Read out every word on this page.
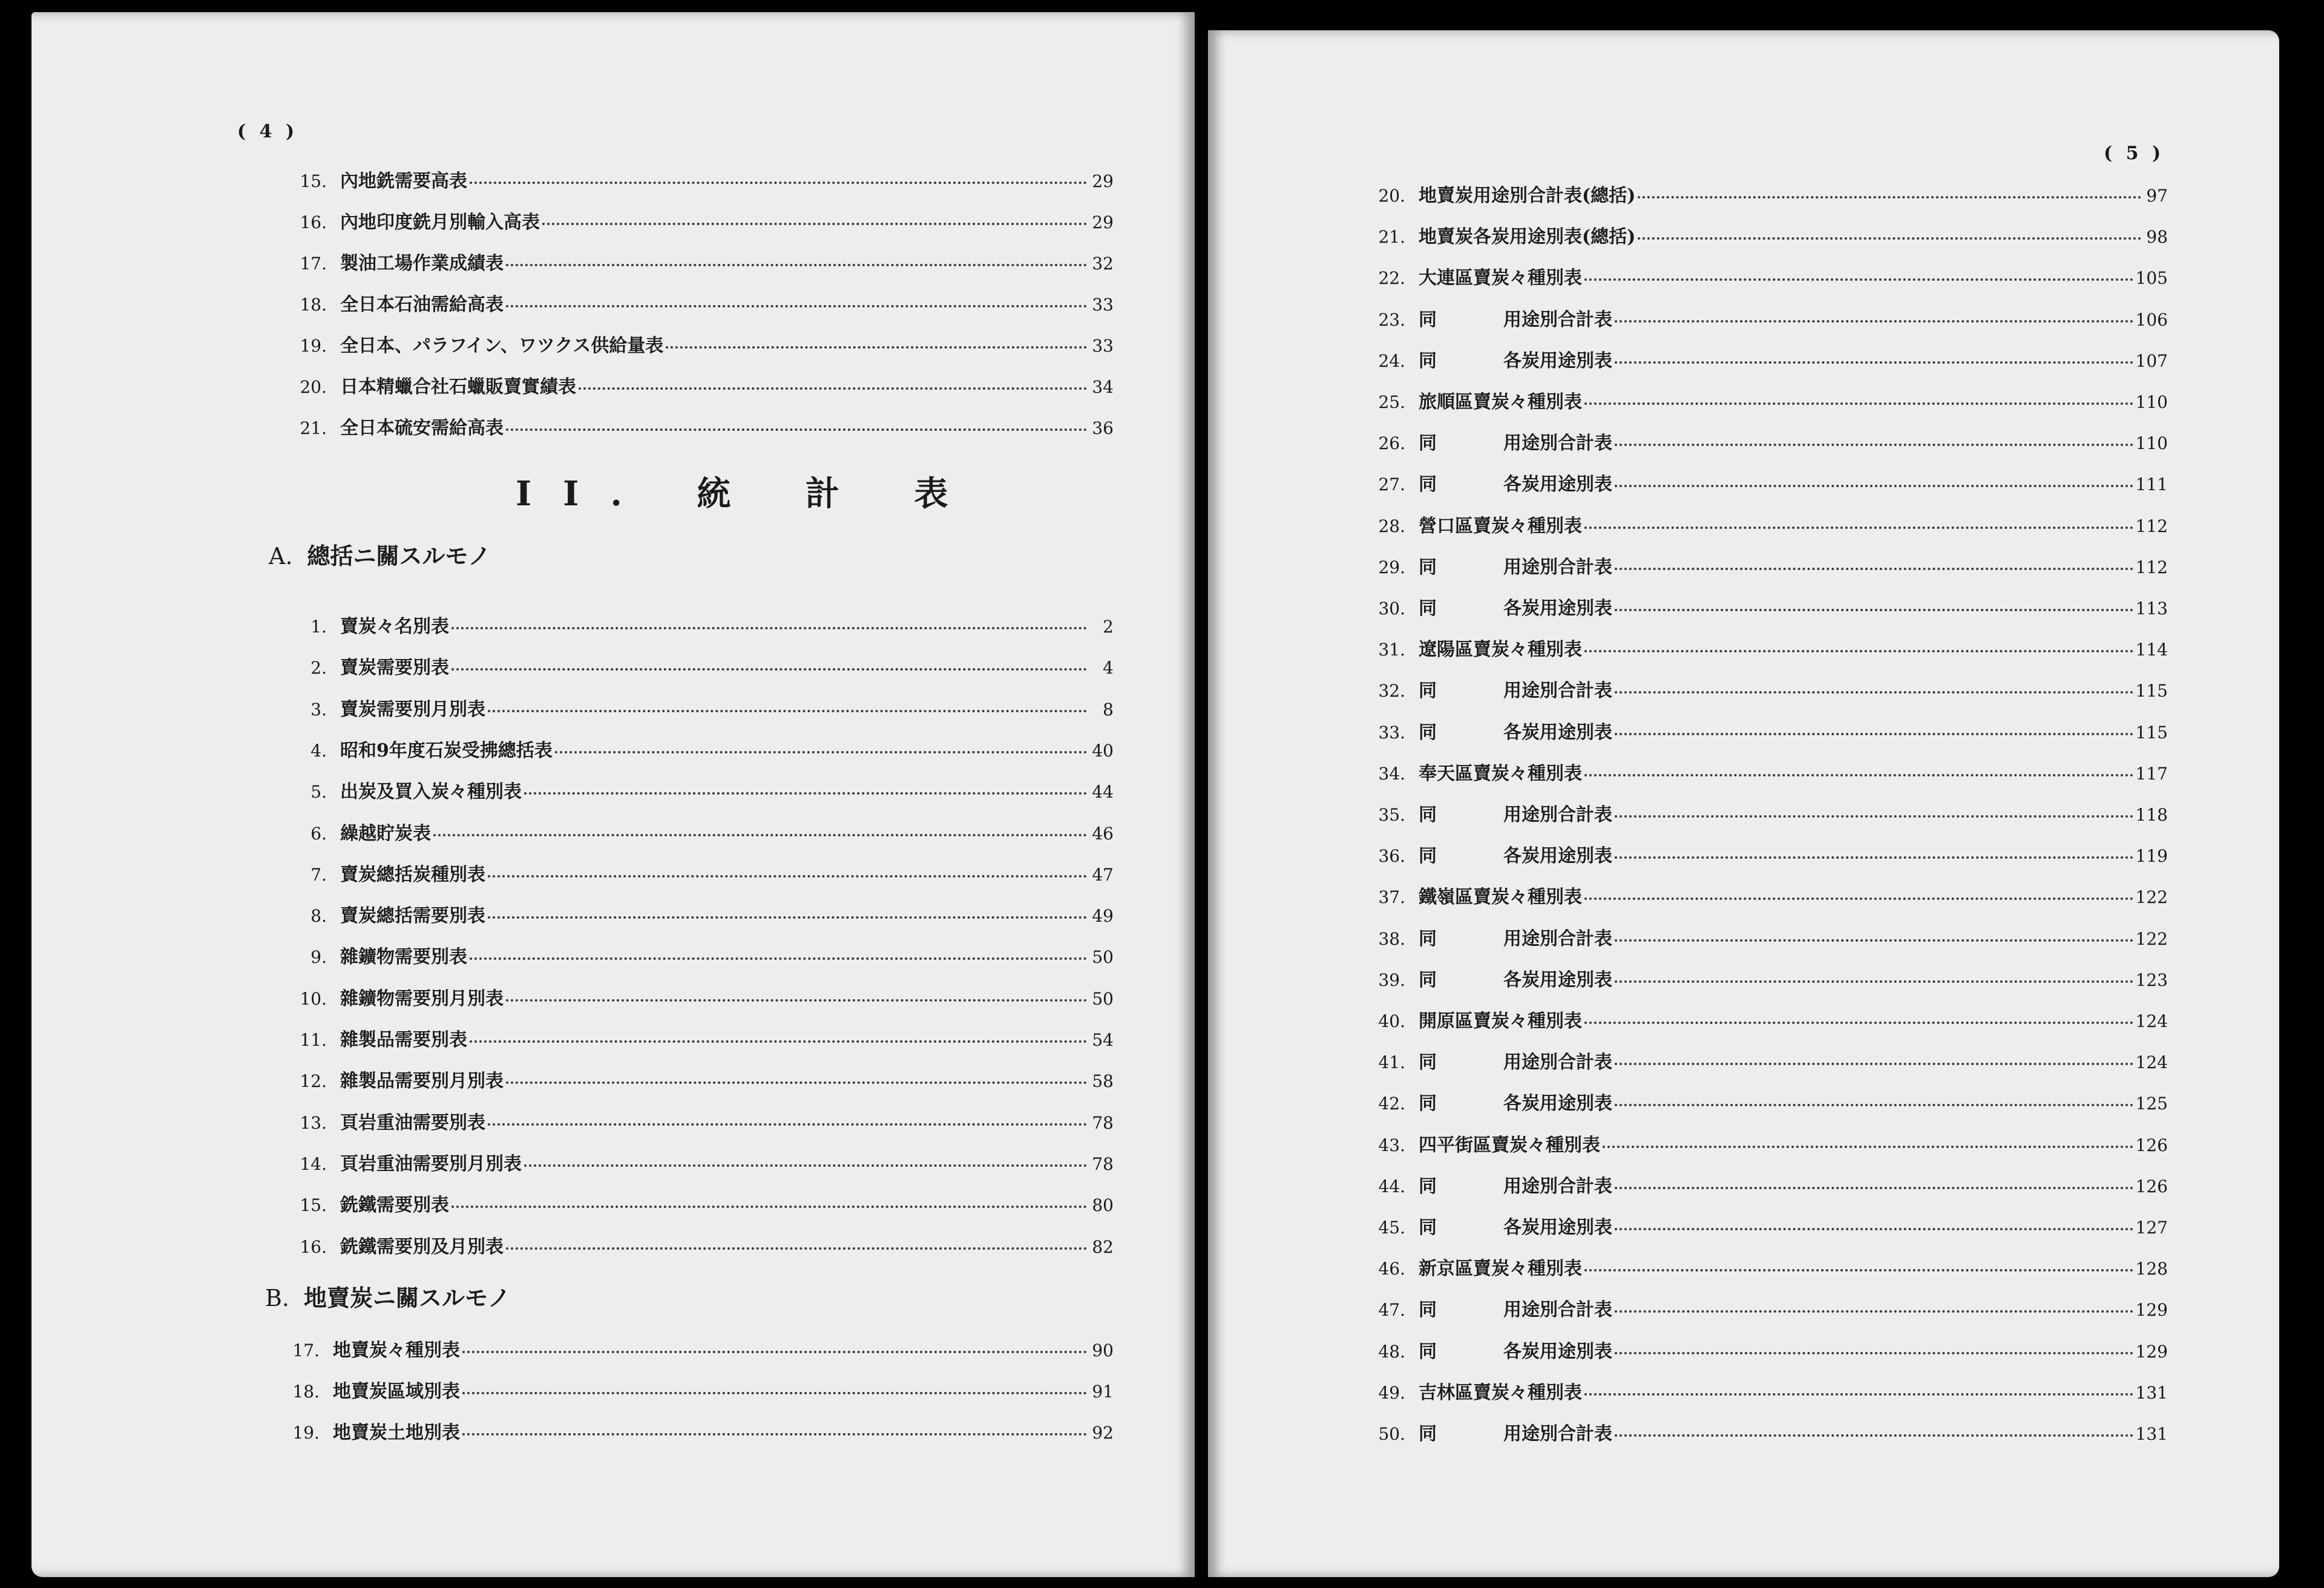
( 4 )
15. 內地銑需要高表	29
16. 內地印度銑月別輸入高表	29
17. 製油工場作業成績表	32
18. 全日本石油需給高表	33
19. 全日本、パラフイン、ワツクス供給量表	33
20. 日本精蠟合社石蠟販賣實績表	34
21. 全日本硫安需給高表	36
II. 統 計 表
A. 總括ニ關スルモノ
1. 賣炭々名別表	2
2. 賣炭需要別表	4
3. 賣炭需要別月別表	8
4. 昭和9年度石炭受拂總括表	40
5. 出炭及買入炭々種別表	44
6. 繰越貯炭表	46
7. 賣炭總括炭種別表	47
8. 賣炭總括需要別表	49
9. 雜鑛物需要別表	50
10. 雜鑛物需要別月別表	50
11. 雜製品需要別表	54
12. 雜製品需要別月別表	58
13. 頁岩重油需要別表	78
14. 頁岩重油需要別月別表	78
15. 銑鐵需要別表	80
16. 銑鐵需要別及月別表	82
B. 地賣炭ニ關スルモノ
17. 地賣炭々種別表	90
18. 地賣炭區域別表	91
19. 地賣炭土地別表	92
( 5 )
20. 地賣炭用途別合計表(總括)	97
21. 地賣炭各炭用途別表(總括)	98
22. 大連區賣炭々種別表	105
23. 同	用途別合計表	106
24. 同	各炭用途別表	107
25. 旅順區賣炭々種別表	110
26. 同	用途別合計表	110
27. 同	各炭用途別表	111
28. 營口區賣炭々種別表	112
29. 同	用途別合計表	112
30. 同	各炭用途別表	113
31. 遼陽區賣炭々種別表	114
32. 同	用途別合計表	115
33. 同	各炭用途別表	115
34. 奉天區賣炭々種別表	117
35. 同	用途別合計表	118
36. 同	各炭用途別表	119
37. 鐵嶺區賣炭々種別表	122
38. 同	用途別合計表	122
39. 同	各炭用途別表	123
40. 開原區賣炭々種別表	124
41. 同	用途別合計表	124
42. 同	各炭用途別表	125
43. 四平街區賣炭々種別表	126
44. 同	用途別合計表	126
45. 同	各炭用途別表	127
46. 新京區賣炭々種別表	128
47. 同	用途別合計表	129
48. 同	各炭用途別表	129
49. 吉林區賣炭々種別表	131
50. 同	用途別合計表	131
